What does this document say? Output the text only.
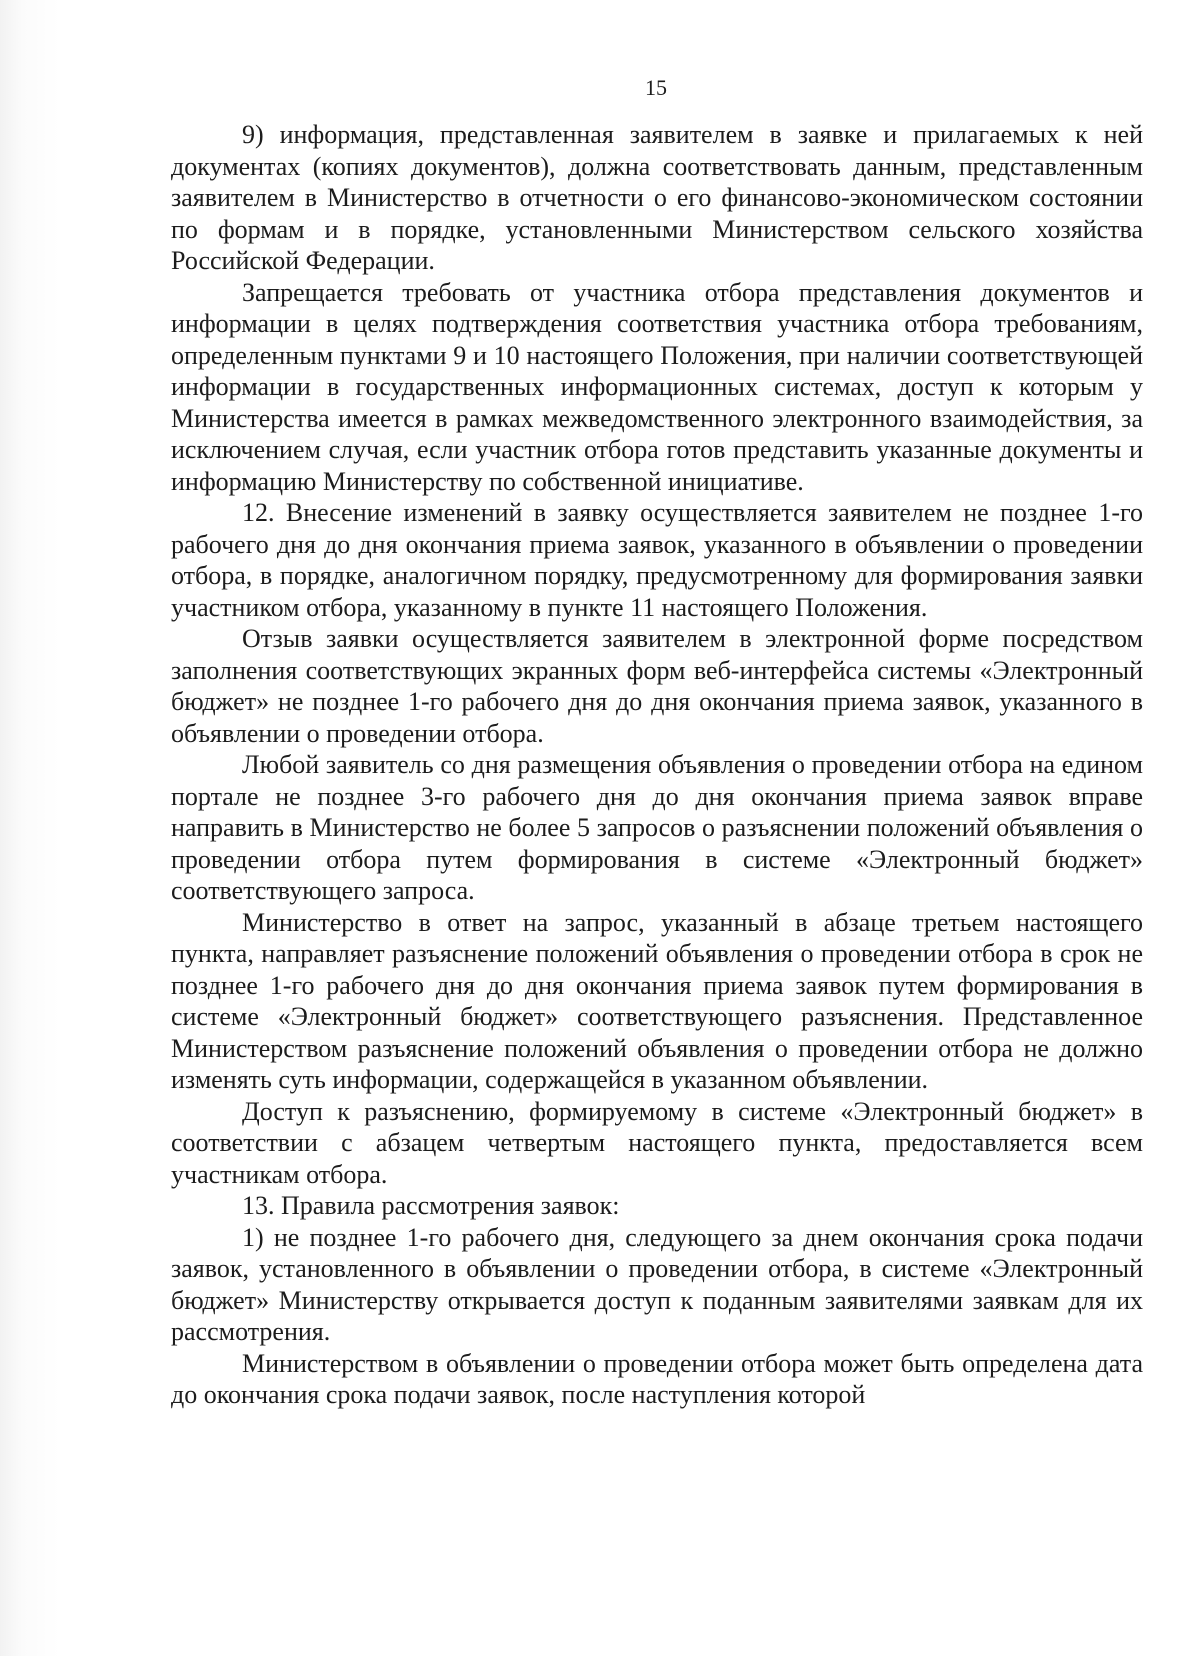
15

9) информация, представленная заявителем в заявке и прилагаемых к ней документах (копиях документов), должна соответствовать данным, представленным заявителем в Министерство в отчетности о его финансово-экономическом состоянии по формам и в порядке, установленными Министерством сельского хозяйства Российской Федерации.

Запрещается требовать от участника отбора представления документов и информации в целях подтверждения соответствия участника отбора требованиям, определенным пунктами 9 и 10 настоящего Положения, при наличии соответствующей информации в государственных информационных системах, доступ к которым у Министерства имеется в рамках межведомственного электронного взаимодействия, за исключением случая, если участник отбора готов представить указанные документы и информацию Министерству по собственной инициативе.

12. Внесение изменений в заявку осуществляется заявителем не позднее 1-го рабочего дня до дня окончания приема заявок, указанного в объявлении о проведении отбора, в порядке, аналогичном порядку, предусмотренному для формирования заявки участником отбора, указанному в пункте 11 настоящего Положения.

Отзыв заявки осуществляется заявителем в электронной форме посредством заполнения соответствующих экранных форм веб-интерфейса системы «Электронный бюджет» не позднее 1-го рабочего дня до дня окончания приема заявок, указанного в объявлении о проведении отбора.

Любой заявитель со дня размещения объявления о проведении отбора на едином портале не позднее 3-го рабочего дня до дня окончания приема заявок вправе направить в Министерство не более 5 запросов о разъяснении положений объявления о проведении отбора путем формирования в системе «Электронный бюджет» соответствующего запроса.

Министерство в ответ на запрос, указанный в абзаце третьем настоящего пункта, направляет разъяснение положений объявления о проведении отбора в срок не позднее 1-го рабочего дня до дня окончания приема заявок путем формирования в системе «Электронный бюджет» соответствующего разъяснения. Представленное Министерством разъяснение положений объявления о проведении отбора не должно изменять суть информации, содержащейся в указанном объявлении.

Доступ к разъяснению, формируемому в системе «Электронный бюджет» в соответствии с абзацем четвертым настоящего пункта, предоставляется всем участникам отбора.

13. Правила рассмотрения заявок:

1) не позднее 1-го рабочего дня, следующего за днем окончания срока подачи заявок, установленного в объявлении о проведении отбора, в системе «Электронный бюджет» Министерству открывается доступ к поданным заявителями заявкам для их рассмотрения.

Министерством в объявлении о проведении отбора может быть определена дата до окончания срока подачи заявок, после наступления которой
